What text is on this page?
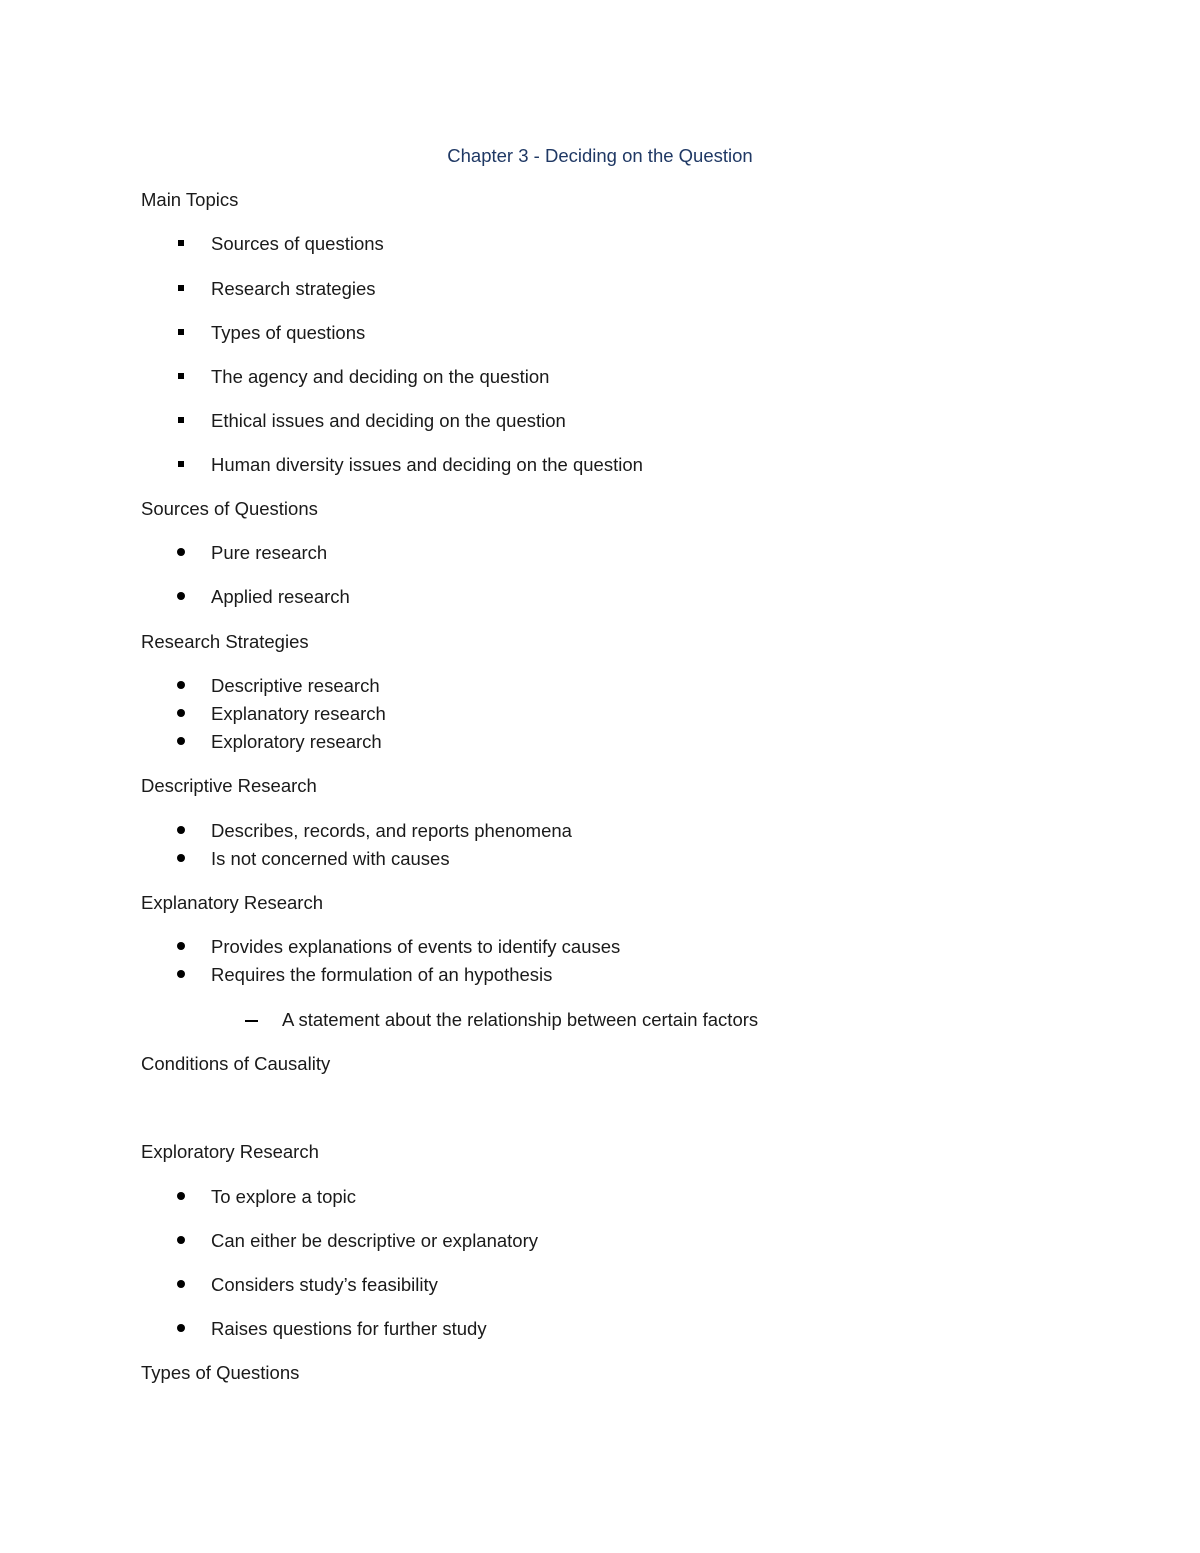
Chapter 3 - Deciding on the Question
Main Topics
Sources of questions
Research strategies
Types of questions
The agency and deciding on the question
Ethical issues and deciding on the question
Human diversity issues and deciding on the question
Sources of Questions
Pure research
Applied research
Research Strategies
Descriptive research
Explanatory research
Exploratory research
Descriptive Research
Describes, records, and reports phenomena
Is not concerned with causes
Explanatory Research
Provides explanations of events to identify causes
Requires the formulation of an hypothesis
A statement about the relationship between certain factors
Conditions of Causality
Exploratory Research
To explore a topic
Can either be descriptive or explanatory
Considers study’s feasibility
Raises questions for further study
Types of Questions
